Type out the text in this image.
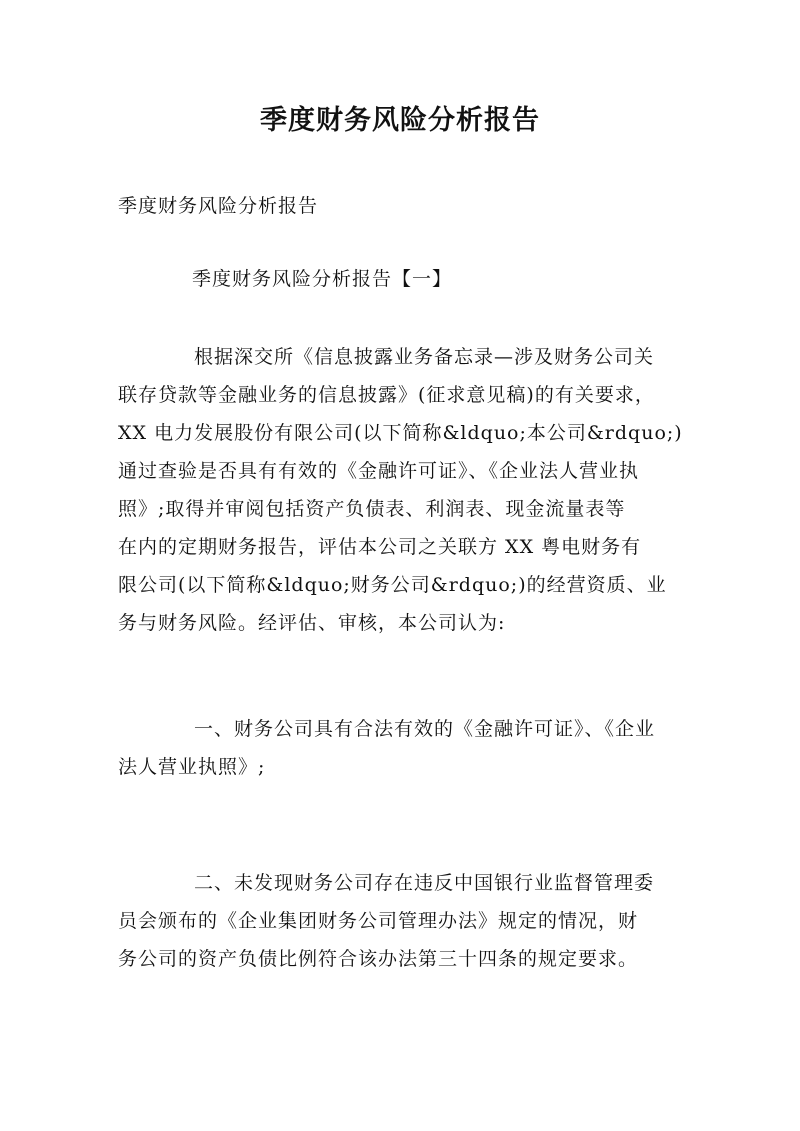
季度财务风险分析报告

季度财务风险分析报告

季度财务风险分析报告【一】

根据深交所《信息披露业务备忘录—涉及财务公司关
联存贷款等金融业务的信息披露》(征求意见稿)的有关要求，
XX 电力发展股份有限公司(以下简称&ldquo;本公司&rdquo;)
通过查验是否具有有效的《金融许可证》、《企业法人营业执
照》;取得并审阅包括资产负债表、利润表、现金流量表等
在内的定期财务报告，评估本公司之关联方 XX 粤电财务有
限公司(以下简称&ldquo;财务公司&rdquo;)的经营资质、业
务与财务风险。经评估、审核，本公司认为:
一、财务公司具有合法有效的《金融许可证》、《企业
法人营业执照》;
二、未发现财务公司存在违反中国银行业监督管理委
员会颁布的《企业集团财务公司管理办法》规定的情况，财
务公司的资产负债比例符合该办法第三十四条的规定要求。
